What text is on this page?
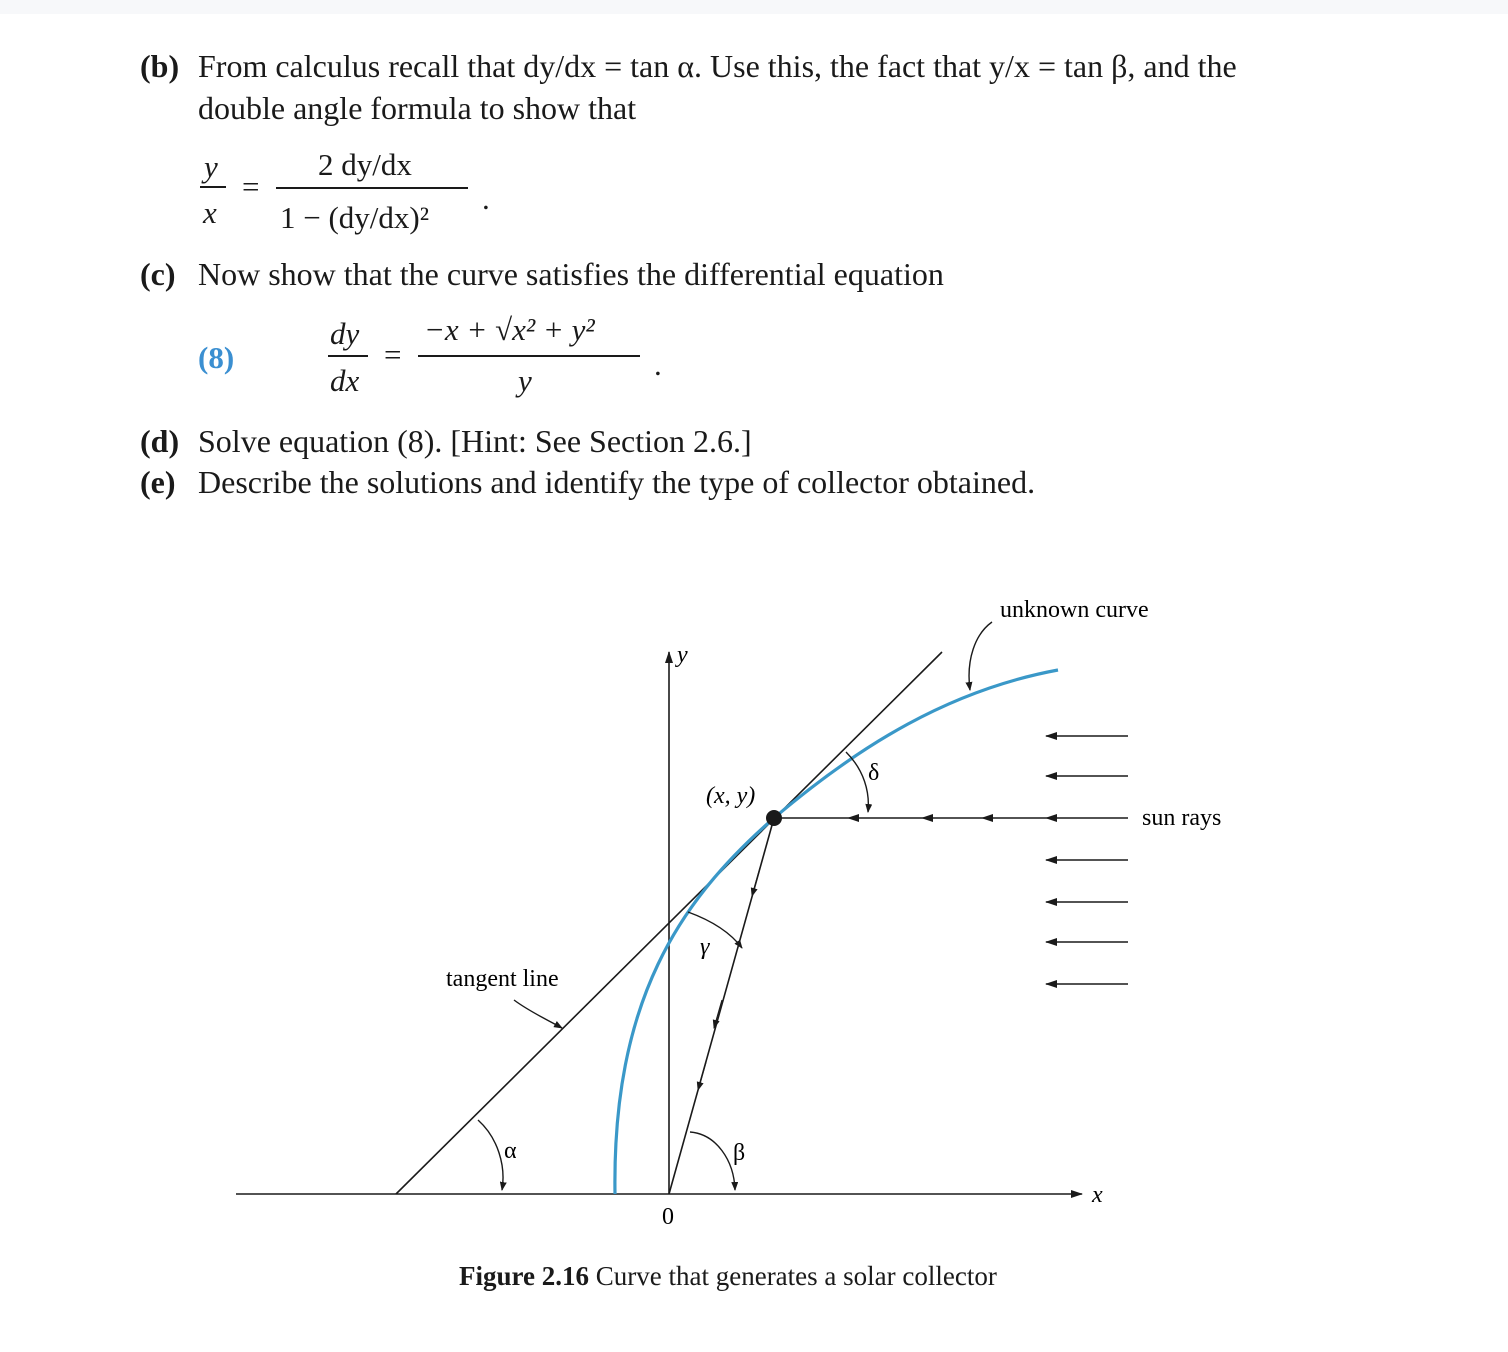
(b) From calculus recall that dy/dx = tan α. Use this, the fact that y/x = tan β, and the
double angle formula to show that
y
x
=
2 dy/dx
1 − (dy/dx)²
.
(c) Now show that the curve satisfies the differential equation
(8)
dy
dx
=
−x + √x² + y²
y	.
(d) Solve equation (8). [Hint: See Section 2.6.]
(e) Describe the solutions and identify the type of collector obtained.
y
x
0
(x, y)
sun rays
unknown curve
tangent line
α	β
γ
δ
Figure 2.16 Curve that generates a solar collector
